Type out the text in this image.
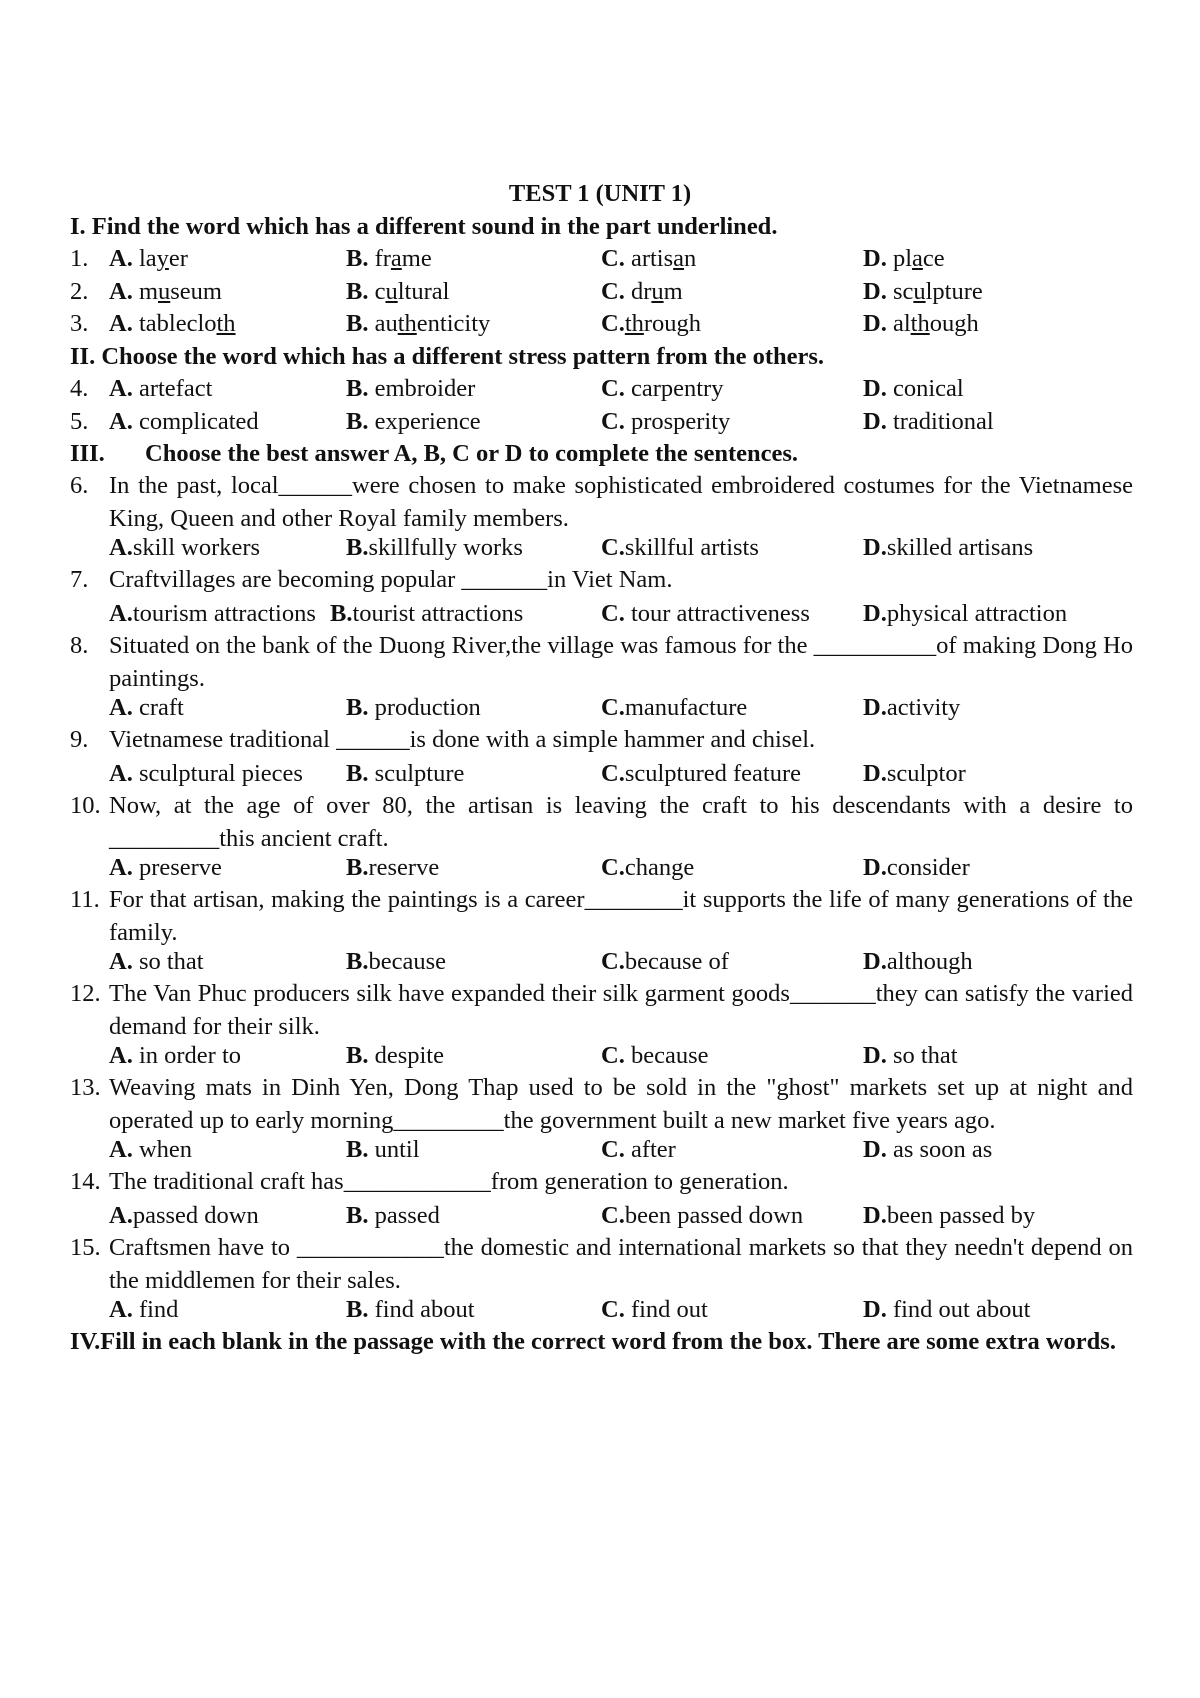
TEST 1 (UNIT 1)
I. Find the word which has a different sound in the part underlined.
1. A. layer	B. frame	C. artisan	D. place
2. A. museum	B. cultural	C. drum	D. sculpture
3. A. tablecloth	B. authenticity	C.through	D. although
II. Choose the word which has a different stress pattern from the others.
4. A. artefact	B. embroider	C. carpentry	D. conical
5. A. complicated	B. experience	C. prosperity	D. traditional
III. Choose the best answer A, B, C or D to complete the sentences.
6. In the past, local______were chosen to make sophisticated embroidered costumes for the Vietnamese King, Queen and other Royal family members.
A.skill workers	B.skillfully works	C.skillful artists	D.skilled artisans
7. Craftvillages are becoming popular _______in Viet Nam.
A.tourism attractions B.tourist attractions	C. tour attractiveness D.physical attraction
8. Situated on the bank of the Duong River,the village was famous for the __________of making Dong Ho paintings.
A. craft	B. production	C.manufacture	D.activity
9. Vietnamese traditional ______is done with a simple hammer and chisel.
A. sculptural pieces B. sculpture	C.sculptured feature	D.sculptor
10. Now, at the age of over 80, the artisan is leaving the craft to his descendants with a desire to _________this ancient craft.
A. preserve	B.reserve	C.change	D.consider
11. For that artisan, making the paintings is a career________it supports the life of many generations of the family.
A. so that	B.because	C.because of	D.although
12. The Van Phuc producers silk have expanded their silk garment goods_______they can satisfy the varied demand for their silk.
A. in order to	B. despite	C. because	D. so that
13. Weaving mats in Dinh Yen, Dong Thap used to be sold in the "ghost" markets set up at night and operated up to early morning_________the government built a new market five years ago.
A. when	B. until	C. after	D. as soon as
14. The traditional craft has____________from generation to generation.
A.passed down	B. passed	C.been passed down D.been passed by
15. Craftsmen have to ____________the domestic and international markets so that they needn't depend on the middlemen for their sales.
A. find	B. find about	C. find out	D. find out about
IV.Fill in each blank in the passage with the correct word from the box. There are some extra words.
